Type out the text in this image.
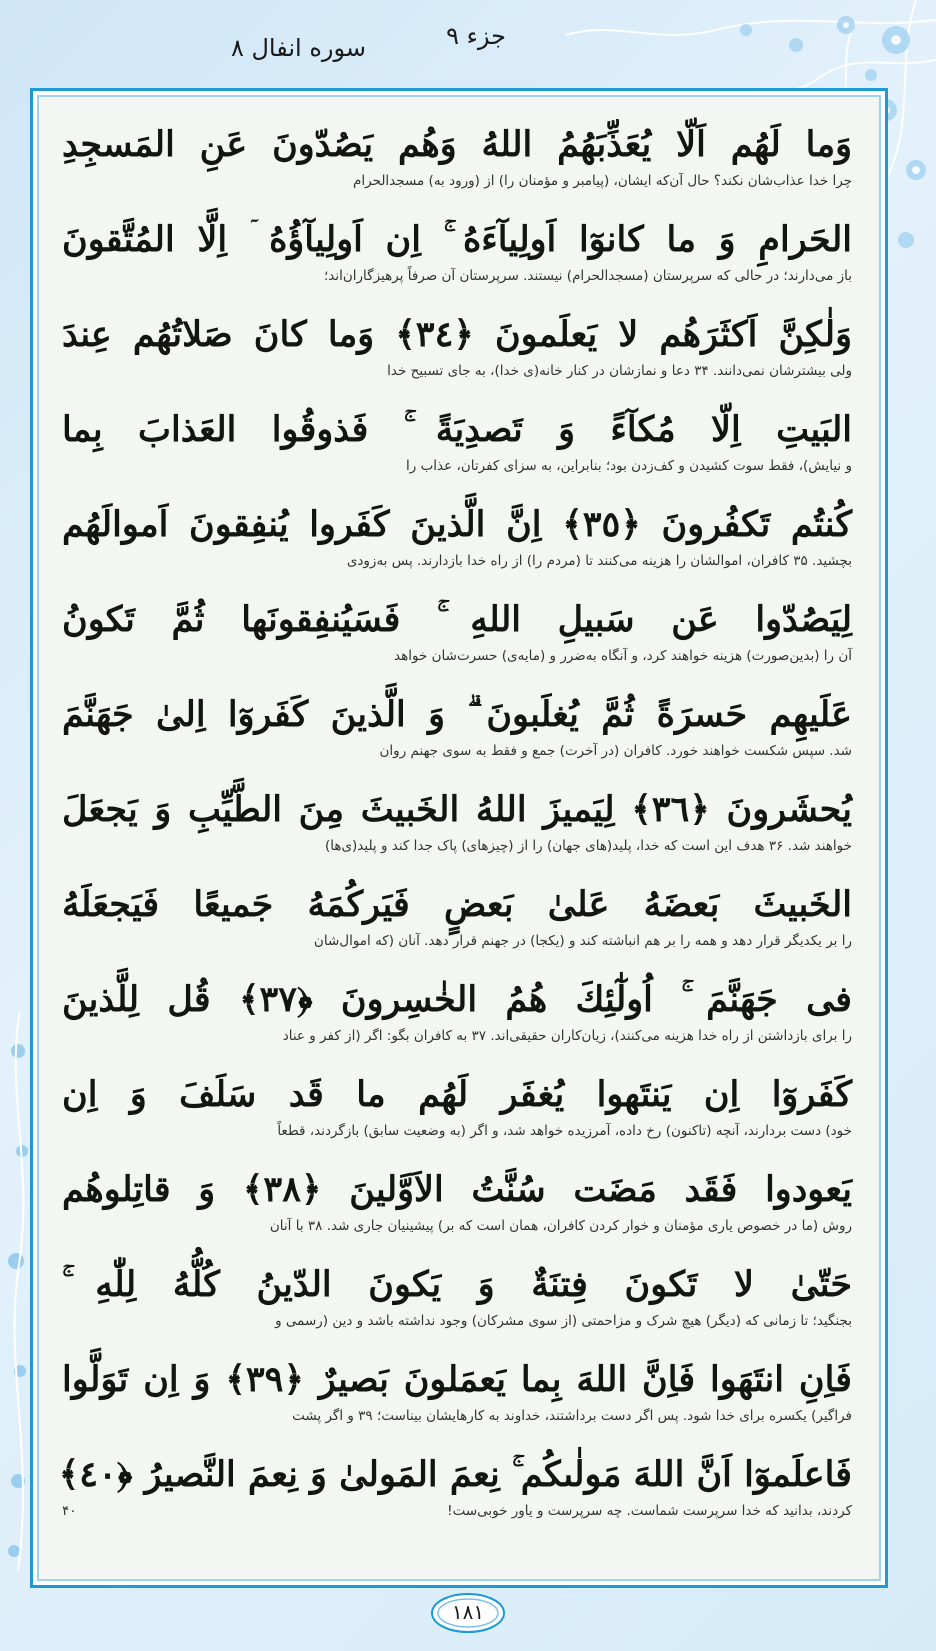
جزء ۹
سوره انفال ۸
وَما لَهُم اَلّا يُعَذِّبَهُمُ اللهُ وَهُم يَصُدّونَ عَنِ المَسجِدِ
چرا خدا عذاب‌شان نکند؟ حال آن‌که ایشان، (پیامبر و مؤمنان را) از (ورود به) مسجدالحرام
الحَرامِ وَ ما كانوٓا اَولِيآءَهُ ۚ اِن اَولِيآؤُهُ ۤ اِلَّا المُتَّقونَ
باز می‌دارند؛ در حالی که سرپرستان (مسجدالحرام) نیستند. سرپرستان آن صرفاً پرهیزگاران‌اند؛
وَلٰكِنَّ اَكثَرَهُم لا يَعلَمونَ ﴿٣٤﴾ وَما كانَ صَلاتُهُم عِندَ
ولی بیشترشان نمی‌دانند. ۳۴ دعا و نمازشان در کنار خانه(ی خدا)، به جای تسبیح خدا
البَيتِ اِلّا مُكآءً وَ تَصدِيَةً ۚ فَذوقُوا العَذابَ بِما
و نیایش)، فقط سوت کشیدن و کف‌زدن بود؛ بنابراین، به سزای کفرتان، عذاب را
كُنتُم تَكفُرونَ ﴿٣٥﴾ اِنَّ الَّذينَ كَفَروا يُنفِقونَ اَموالَهُم
بچشید. ۳۵ کافران، اموالشان را هزینه می‌کنند تا (مردم را) از راه خدا بازدارند. پس به‌زودی
لِيَصُدّوا عَن سَبيلِ اللهِ ۚ فَسَيُنفِقونَها ثُمَّ تَكونُ
آن را (بدین‌صورت) هزینه خواهند کرد، و آنگاه به‌ضرر و (مایه‌ی) حسرت‌شان خواهد
عَلَيهِم حَسرَةً ثُمَّ يُغلَبونَ ۗ وَ الَّذينَ كَفَروٓا اِلىٰ جَهَنَّمَ
شد. سپس شکست خواهند خورد. کافران (در آخرت) جمع و فقط به سوی جهنم روان
يُحشَرونَ ﴿٣٦﴾ لِيَميزَ اللهُ الخَبيثَ مِنَ الطَّيِّبِ وَ يَجعَلَ
خواهند شد. ۳۶ هدف این است که خدا، پلید(های جهان) را از (چیزهای) پاک جدا کند و پلید(ی‌ها)
الخَبيثَ بَعضَهُ عَلىٰ بَعضٍ فَيَركُمَهُ جَميعًا فَيَجعَلَهُ
را بر یکدیگر قرار دهد و همه را بر هم انباشته کند و (یکجا) در جهنم قرار دهد. آنان (که اموال‌شان
فى جَهَنَّمَ ۚ اُولٰٓئِكَ هُمُ الخٰسِرونَ ﴿٣٧﴾ قُل لِلَّذينَ
را برای بازداشتن از راه خدا هزینه می‌کنند)، زیان‌کاران حقیقی‌اند. ۳۷ به کافران بگو: اگر (از کفر و عناد
كَفَروٓا اِن يَنتَهوا يُغفَر لَهُم ما قَد سَلَفَ وَ اِن
خود) دست بردارند، آنچه (تاکنون) رخ داده، آمرزیده خواهد شد، و اگر (به وضعیت سابق) بازگردند، قطعاً
يَعودوا فَقَد مَضَت سُنَّتُ الاَوَّلينَ ﴿٣٨﴾ وَ قاتِلوهُم
روش (ما در خصوص یاری مؤمنان و خوار کردن کافران، همان است که بر) پیشینیان جاری شد. ۳۸ با آنان
حَتّىٰ لا تَكونَ فِتنَةٌ وَ يَكونَ الدّينُ كُلُّهُ لِلّٰهِ ۚ
بجنگید؛ تا زمانی که (دیگر) هیچ شرک و مزاحمتی (از سوی مشرکان) وجود نداشته باشد و دین (رسمی و
فَاِنِ انتَهَوا فَاِنَّ اللهَ بِما يَعمَلونَ بَصيرٌ ﴿٣٩﴾ وَ اِن تَوَلَّوا
فراگیر) یکسره برای خدا شود. پس اگر دست برداشتند، خداوند به کارهایشان بیناست؛ ۳۹ و اگر پشت
فَاعلَموٓا اَنَّ اللهَ مَولٰىكُم ۚ نِعمَ المَولىٰ وَ نِعمَ النَّصيرُ ﴿٤٠﴾
کردند، بدانید که خدا سرپرست شماست. چه سرپرست و یاور خوبی‌ست!
۴۰
۱۸۱
